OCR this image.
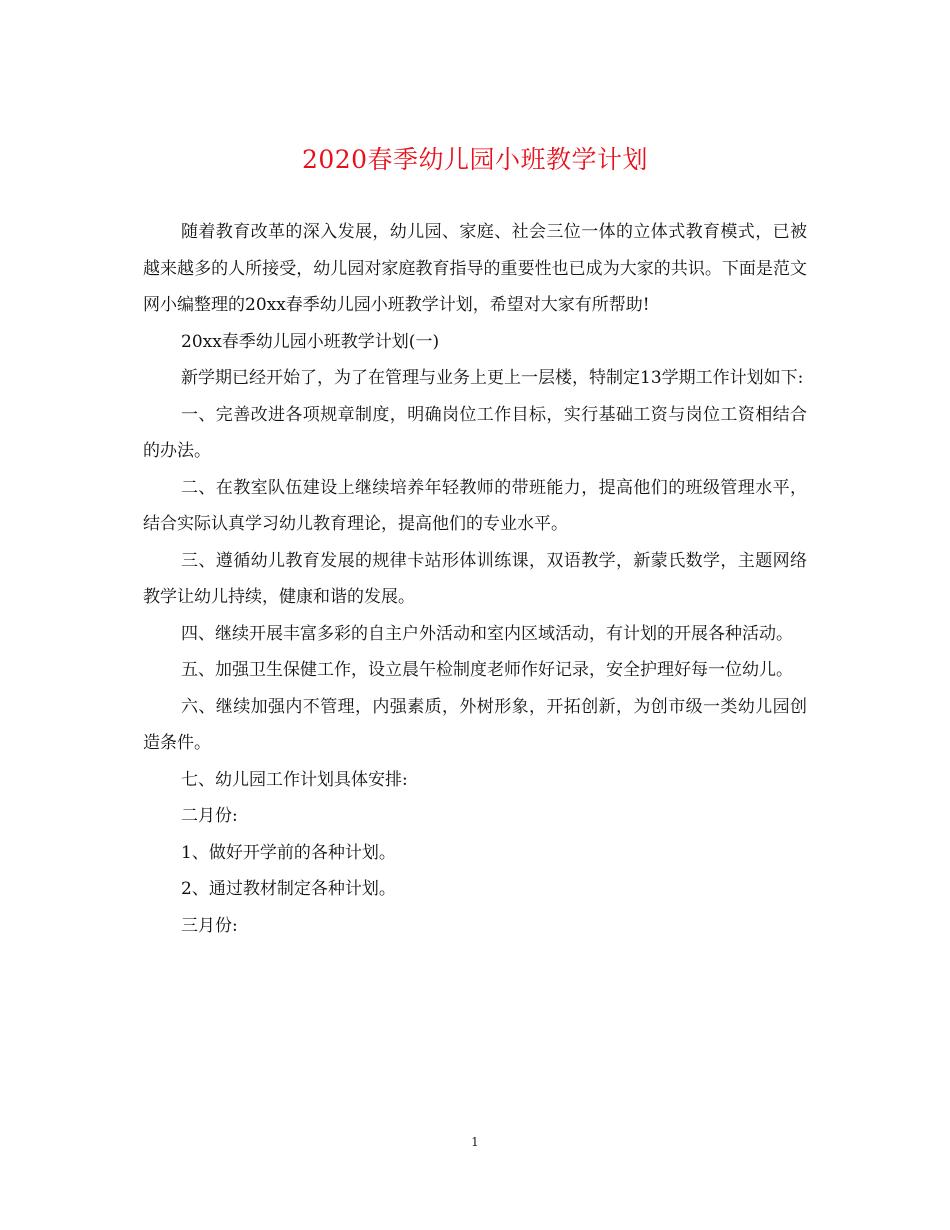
2020春季幼儿园小班教学计划

随着教育改革的深入发展，幼儿园、家庭、社会三位一体的立体式教育模式，已被越来越多的人所接受，幼儿园对家庭教育指导的重要性也已成为大家的共识。下面是范文网小编整理的20xx春季幼儿园小班教学计划，希望对大家有所帮助!

20xx春季幼儿园小班教学计划(一)

新学期已经开始了，为了在管理与业务上更上一层楼，特制定13学期工作计划如下:

一、完善改进各项规章制度，明确岗位工作目标，实行基础工资与岗位工资相结合的办法。

二、在教室队伍建设上继续培养年轻教师的带班能力，提高他们的班级管理水平，结合实际认真学习幼儿教育理论，提高他们的专业水平。

三、遵循幼儿教育发展的规律卡站形体训练课，双语教学，新蒙氏数学，主题网络教学让幼儿持续，健康和谐的发展。

四、继续开展丰富多彩的自主户外活动和室内区域活动，有计划的开展各种活动。

五、加强卫生保健工作，设立晨午检制度老师作好记录，安全护理好每一位幼儿。

六、继续加强内不管理，内强素质，外树形象，开拓创新，为创市级一类幼儿园创造条件。

七、幼儿园工作计划具体安排:

二月份:

1、做好开学前的各种计划。

2、通过教材制定各种计划。

三月份:

1
